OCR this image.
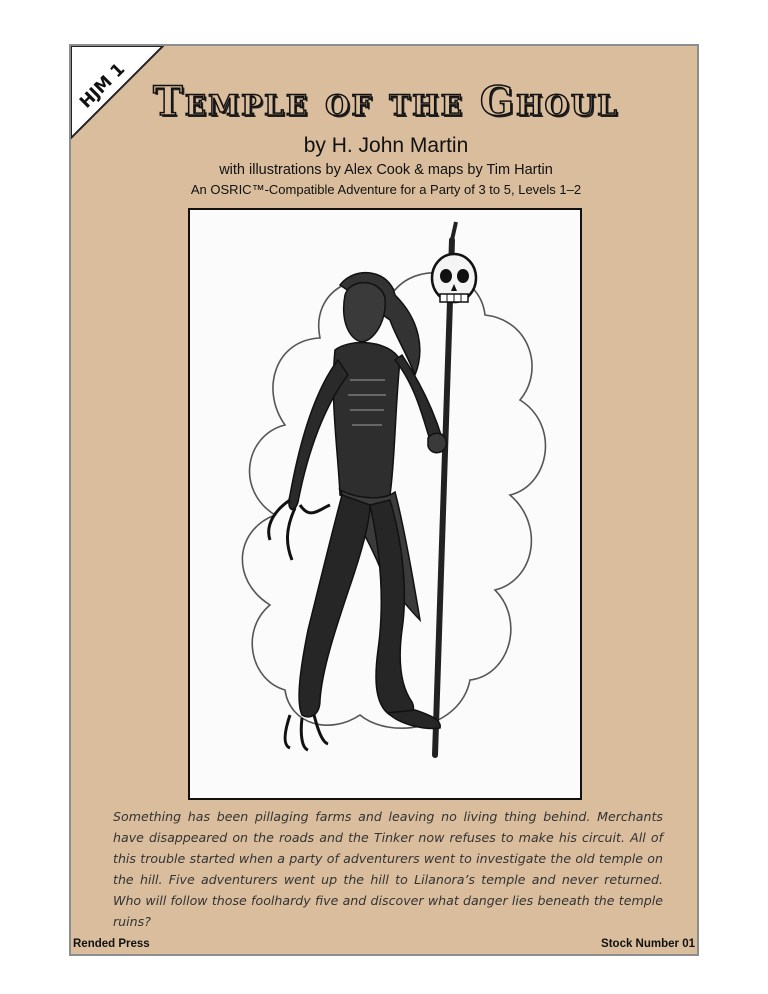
HJM 1 Temple of the Ghoul
by H. John Martin
with illustrations by Alex Cook & maps by Tim Hartin
An OSRIC™-Compatible Adventure for a Party of 3 to 5, Levels 1–2
Something has been pillaging farms and leaving no living thing behind. Merchants have disappeared on the roads and the Tinker now refuses to make his circuit. All of this trouble started when a party of adventurers went to investigate the old temple on the hill. Five adventurers went up the hill to Lilanora’s temple and never returned. Who will follow those foolhardy five and discover what danger lies beneath the temple ruins?
Rended Press	Stock Number 01
